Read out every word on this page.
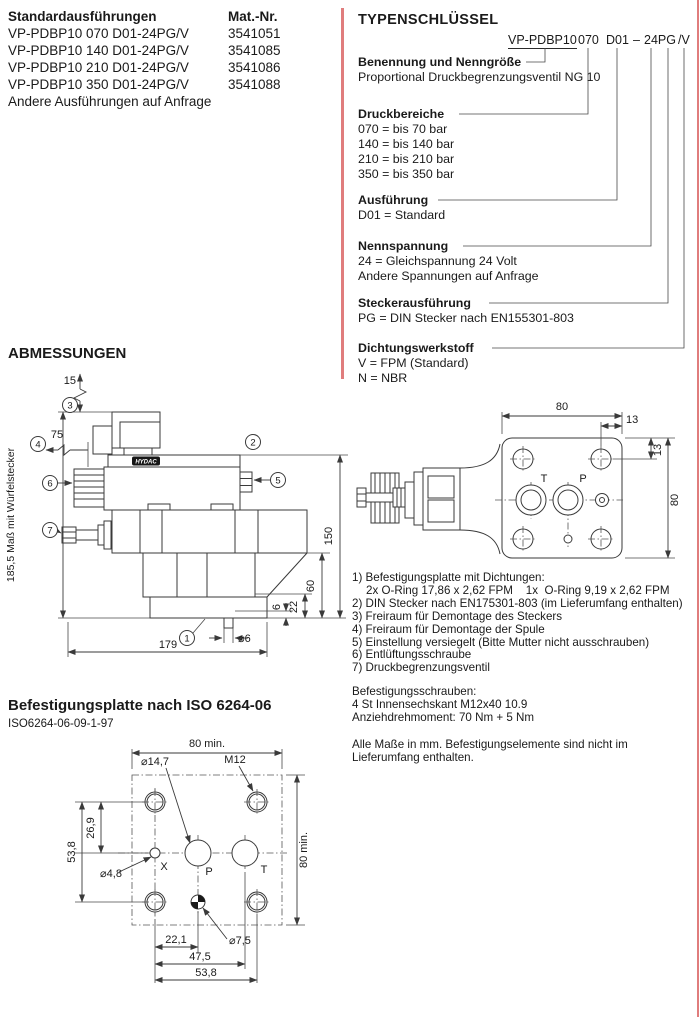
Standardausführungen	Mat.-Nr.
VP-PDBP10 070 D01-24PG/V	3541051
VP-PDBP10 140 D01-24PG/V	3541085
VP-PDBP10 210 D01-24PG/V	3541086
VP-PDBP10 350 D01-24PG/V	3541088
Andere Ausführungen auf Anfrage
TYPENSCHLÜSSEL
VP-PDBP10 070 D01 – 24PG /V
Benennung und Nenngröße
Proportional Druckbegrenzungsventil NG 10
Druckbereiche
070 = bis 70 bar
140 = bis 140 bar
210 = bis 210 bar
350 = bis 350 bar
Ausführung
D01 = Standard
Nennspannung
24 = Gleichspannung 24 Volt
Andere Spannungen auf Anfrage
Steckerausführung
PG = DIN Stecker nach EN155301-803
Dichtungswerkstoff
V = FPM (Standard)
N = NBR
ABMESSUNGEN
HYDAC
185,5 Maß mit Würfelstecker
15
75
150
60
22
6
⌀6
179
1
2
3
4
5
6
7
T	P
80
13
13
80
1) Befestigungsplatte mit Dichtungen:
2x O-Ring 17,86 x 2,62 FPM    1x  O-Ring 9,19 x 2,62 FPM
2) DIN Stecker nach EN175301-803 (im Lieferumfang enthalten)
3) Freiraum für Demontage des Steckers
4) Freiraum für Demontage der Spule
5) Einstellung versiegelt (Bitte Mutter nicht ausschrauben)
6) Entlüftungsschraube
7) Druckbegrenzungsventil
Befestigungsschrauben:
4 St Innensechskant M12x40 10.9
Anziehdrehmoment: 70 Nm + 5 Nm
Alle Maße in mm. Befestigungselemente sind nicht im
Lieferumfang enthalten.
Befestigungsplatte nach ISO 6264-06
ISO6264-06-09-1-97
X	P	T
80 min.
⌀14,7	M12
26,9
53,8
⌀4,8
22,1
47,5
53,8
⌀7,5
80 min.
